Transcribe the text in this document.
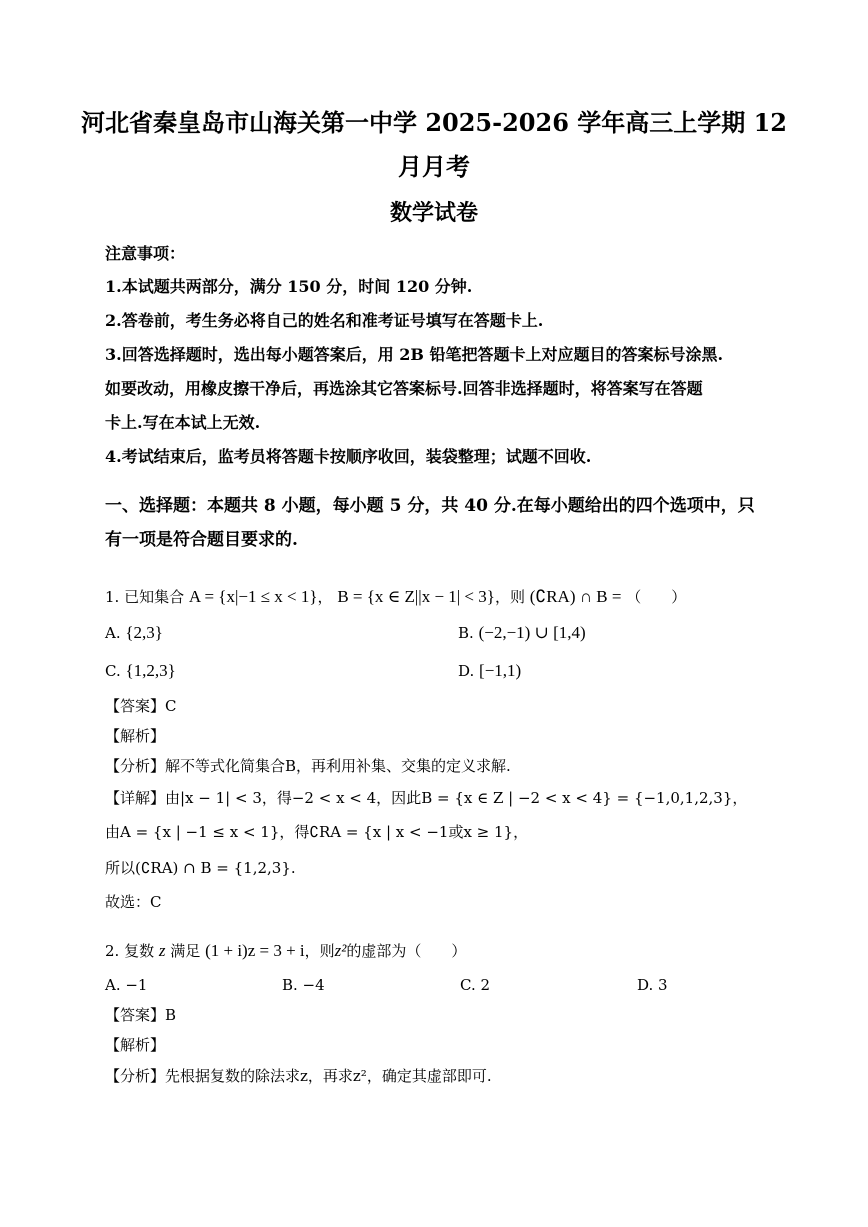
河北省秦皇岛市山海关第一中学 2025-2026 学年高三上学期 12
月月考
数学试卷
注意事项：
1.本试题共两部分，满分 150 分，时间 120 分钟.
2.答卷前，考生务必将自己的姓名和准考证号填写在答题卡上.
3.回答选择题时，选出每小题答案后，用 2B 铅笔把答题卡上对应题目的答案标号涂黑.
如要改动，用橡皮擦干净后，再选涂其它答案标号.回答非选择题时，将答案写在答题
卡上.写在本试上无效.
4.考试结束后，监考员将答题卡按顺序收回，装袋整理；试题不回收.
一、选择题：本题共 8 小题，每小题 5 分，共 40 分.在每小题给出的四个选项中，只
有一项是符合题目要求的.
1. 已知集合 A = {x|−1 ≤ x < 1}， B = {x ∈ Z||x − 1| < 3}，则 (∁RA) ∩ B = （　　）
A. {2,3}	B. (−2,−1) ∪ [1,4)
C. {1,2,3}	D. [−1,1)
【答案】C
【解析】
【分析】解不等式化简集合B，再利用补集、交集的定义求解.
【详解】由|x − 1| < 3，得−2 < x < 4，因此B = {x ∈ Z | −2 < x < 4} = {−1,0,1,2,3}，
由A = {x | −1 ≤ x < 1}，得∁RA = {x | x < −1或x ≥ 1}，
所以(∁RA) ∩ B = {1,2,3}.
故选：C
2. 复数 z 满足 (1 + i)z = 3 + i，则z²的虚部为（　　）
A. −1	B. −4	C. 2	D. 3
【答案】B
【解析】
【分析】先根据复数的除法求z，再求z²，确定其虚部即可.
